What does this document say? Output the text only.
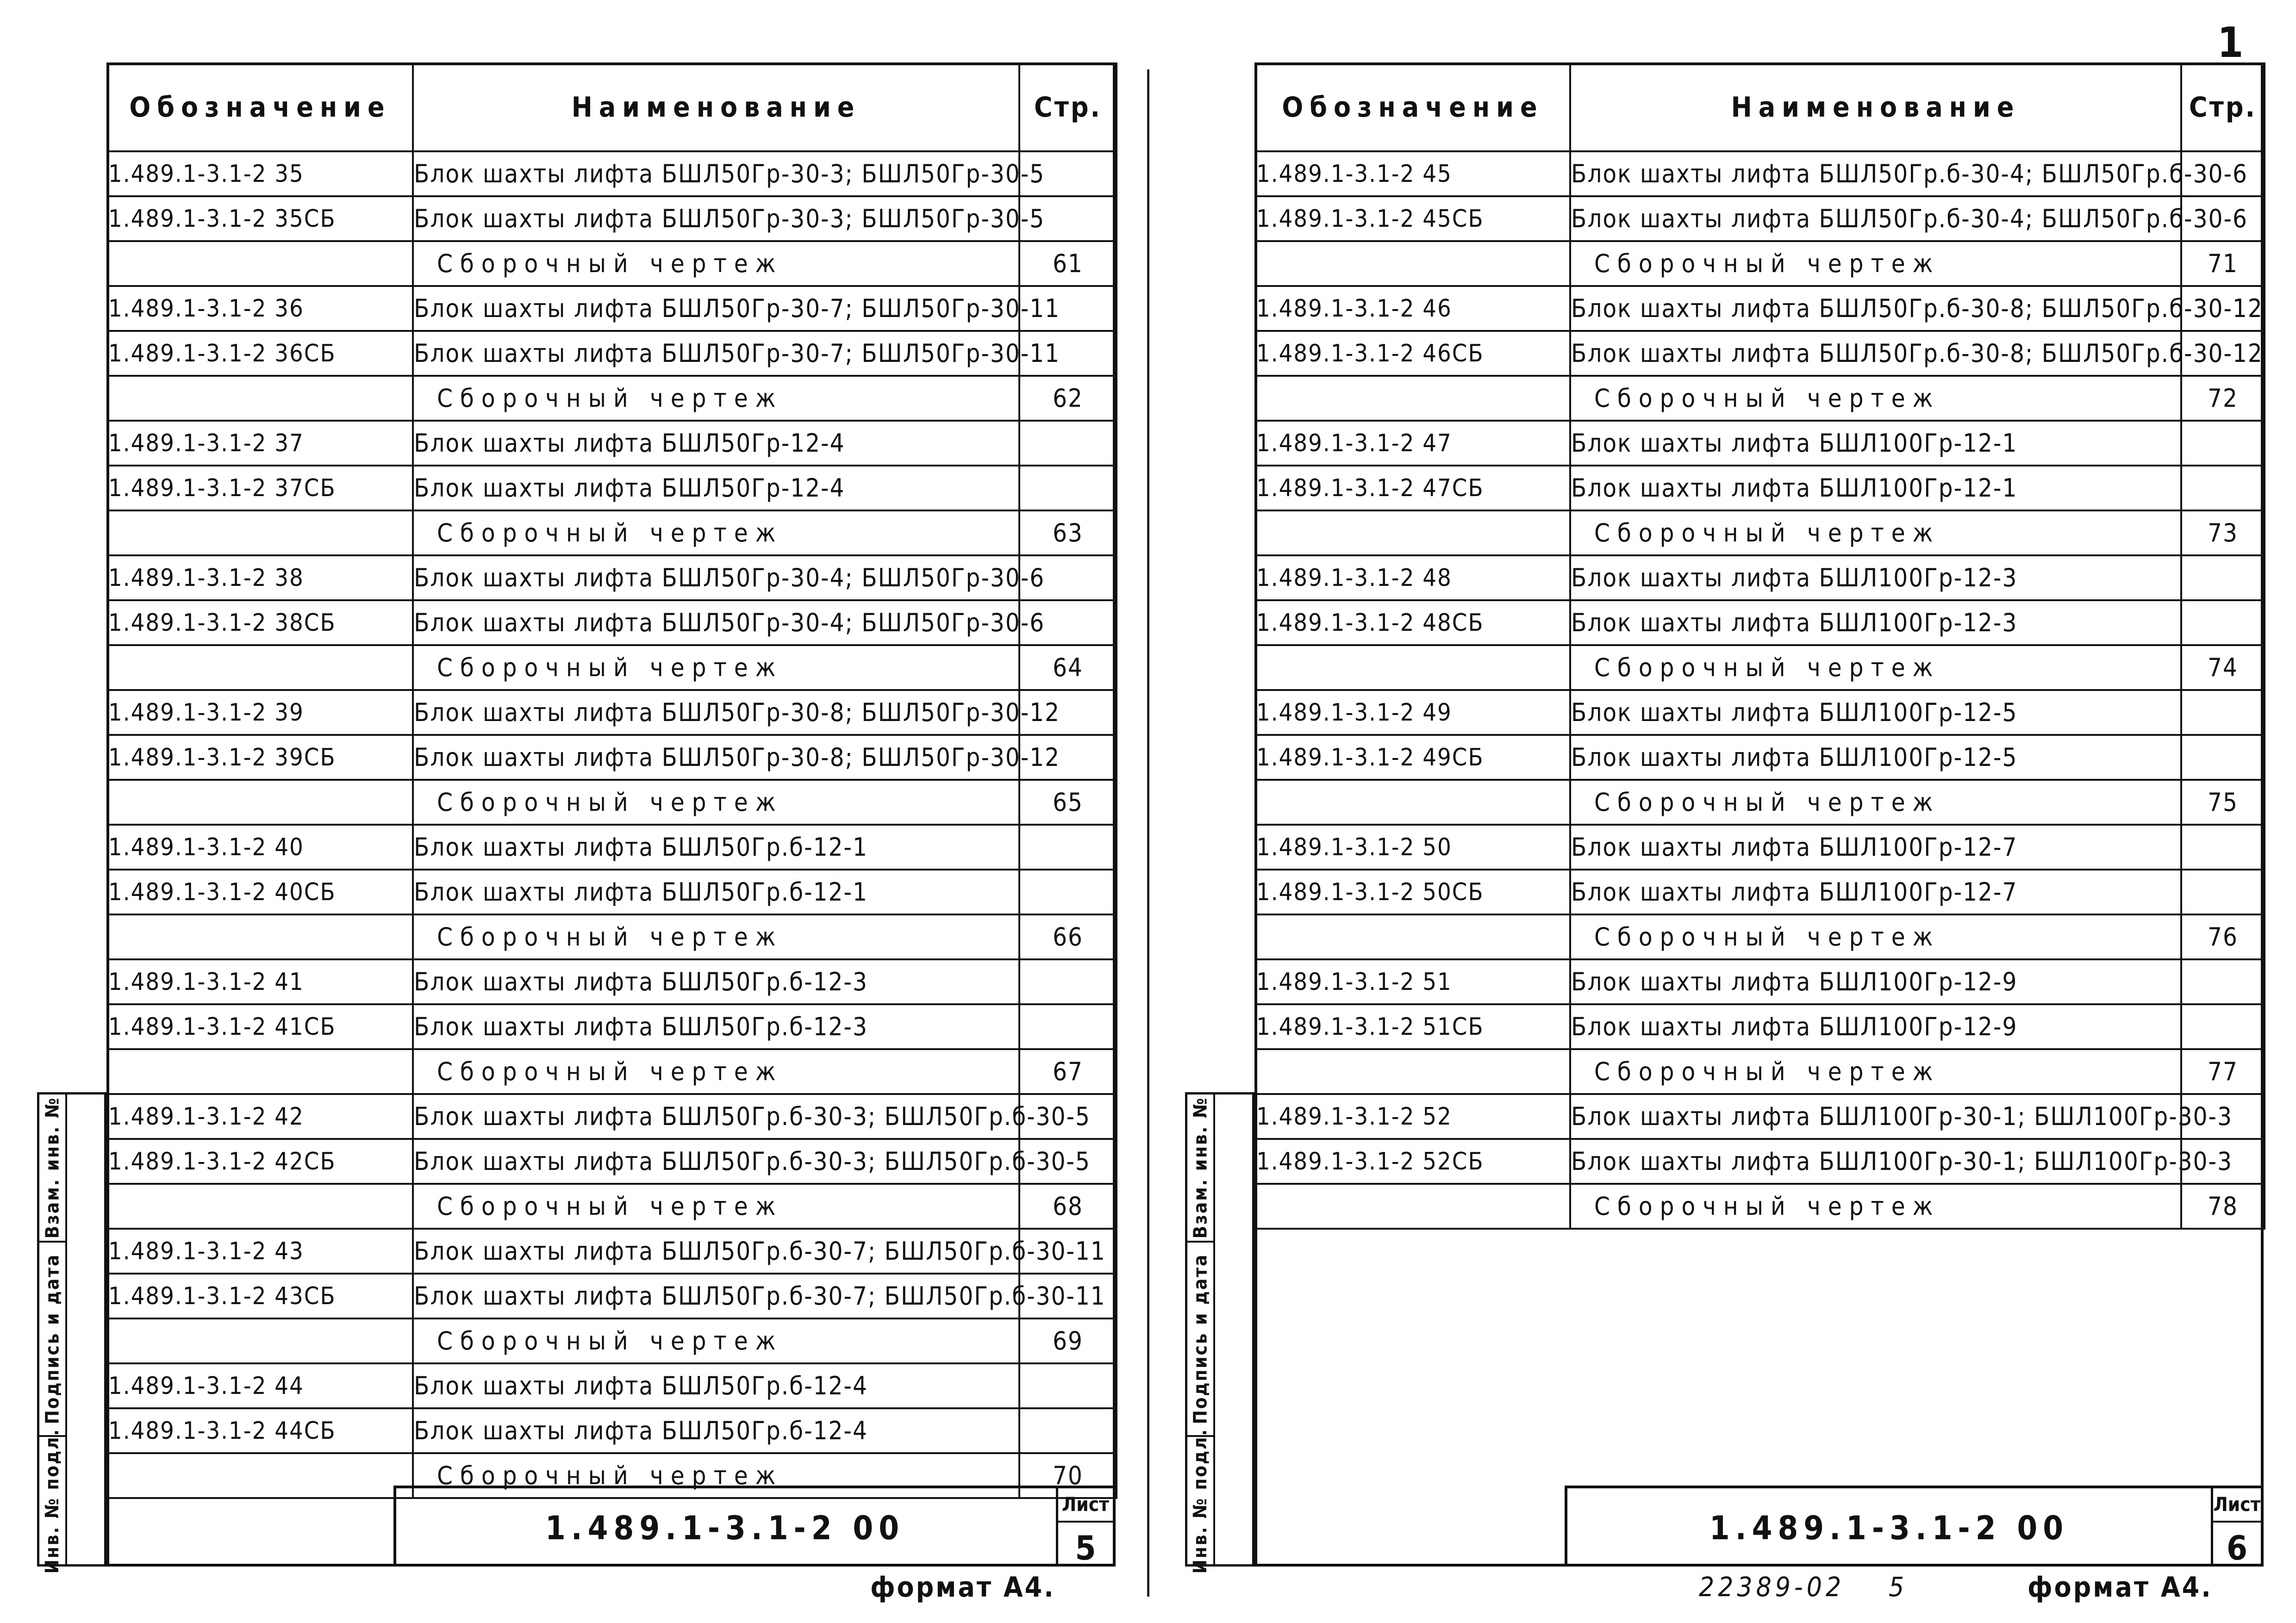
1
Обозначение	Наименование	Стр.
1.489.1-3.1-2 35	Блок шахты лифта БШЛ50Гр-30-3; БШЛ50Гр-30-5	
1.489.1-3.1-2 35СБ	Блок шахты лифта БШЛ50Гр-30-3; БШЛ50Гр-30-5	
	Сборочный чертеж	61
1.489.1-3.1-2 36	Блок шахты лифта БШЛ50Гр-30-7; БШЛ50Гр-30-11	
1.489.1-3.1-2 36СБ	Блок шахты лифта БШЛ50Гр-30-7; БШЛ50Гр-30-11	
	Сборочный чертеж	62
1.489.1-3.1-2 37	Блок шахты лифта БШЛ50Гр-12-4	
1.489.1-3.1-2 37СБ	Блок шахты лифта БШЛ50Гр-12-4	
	Сборочный чертеж	63
1.489.1-3.1-2 38	Блок шахты лифта БШЛ50Гр-30-4; БШЛ50Гр-30-6	
1.489.1-3.1-2 38СБ	Блок шахты лифта БШЛ50Гр-30-4; БШЛ50Гр-30-6	
	Сборочный чертеж	64
1.489.1-3.1-2 39	Блок шахты лифта БШЛ50Гр-30-8; БШЛ50Гр-30-12	
1.489.1-3.1-2 39СБ	Блок шахты лифта БШЛ50Гр-30-8; БШЛ50Гр-30-12	
	Сборочный чертеж	65
1.489.1-3.1-2 40	Блок шахты лифта БШЛ50Гр.б-12-1	
1.489.1-3.1-2 40СБ	Блок шахты лифта БШЛ50Гр.б-12-1	
	Сборочный чертеж	66
1.489.1-3.1-2 41	Блок шахты лифта БШЛ50Гр.б-12-3	
1.489.1-3.1-2 41СБ	Блок шахты лифта БШЛ50Гр.б-12-3	
	Сборочный чертеж	67
1.489.1-3.1-2 42	Блок шахты лифта БШЛ50Гр.б-30-3; БШЛ50Гр.б-30-5	
1.489.1-3.1-2 42СБ	Блок шахты лифта БШЛ50Гр.б-30-3; БШЛ50Гр.б-30-5	
	Сборочный чертеж	68
1.489.1-3.1-2 43	Блок шахты лифта БШЛ50Гр.б-30-7; БШЛ50Гр.б-30-11	
1.489.1-3.1-2 43СБ	Блок шахты лифта БШЛ50Гр.б-30-7; БШЛ50Гр.б-30-11	
	Сборочный чертеж	69
1.489.1-3.1-2 44	Блок шахты лифта БШЛ50Гр.б-12-4	
1.489.1-3.1-2 44СБ	Блок шахты лифта БШЛ50Гр.б-12-4	
	Сборочный чертеж	70
Взам. инв. №
Подпись и дата
Инв. № подл.	1.489.1-3.1-2 00
Лист
5
формат А4.
Обозначение	Наименование	Стр.
1.489.1-3.1-2 45	Блок шахты лифта БШЛ50Гр.б-30-4; БШЛ50Гр.б-30-6	
1.489.1-3.1-2 45СБ	Блок шахты лифта БШЛ50Гр.б-30-4; БШЛ50Гр.б-30-6	
	Сборочный чертеж	71
1.489.1-3.1-2 46	Блок шахты лифта БШЛ50Гр.б-30-8; БШЛ50Гр.б-30-12	
1.489.1-3.1-2 46СБ	Блок шахты лифта БШЛ50Гр.б-30-8; БШЛ50Гр.б-30-12	
	Сборочный чертеж	72
1.489.1-3.1-2 47	Блок шахты лифта БШЛ100Гр-12-1	
1.489.1-3.1-2 47СБ	Блок шахты лифта БШЛ100Гр-12-1	
	Сборочный чертеж	73
1.489.1-3.1-2 48	Блок шахты лифта БШЛ100Гр-12-3	
1.489.1-3.1-2 48СБ	Блок шахты лифта БШЛ100Гр-12-3	
	Сборочный чертеж	74
1.489.1-3.1-2 49	Блок шахты лифта БШЛ100Гр-12-5	
1.489.1-3.1-2 49СБ	Блок шахты лифта БШЛ100Гр-12-5	
	Сборочный чертеж	75
1.489.1-3.1-2 50	Блок шахты лифта БШЛ100Гр-12-7	
1.489.1-3.1-2 50СБ	Блок шахты лифта БШЛ100Гр-12-7	
	Сборочный чертеж	76
1.489.1-3.1-2 51	Блок шахты лифта БШЛ100Гр-12-9	
1.489.1-3.1-2 51СБ	Блок шахты лифта БШЛ100Гр-12-9	
	Сборочный чертеж	77
1.489.1-3.1-2 52	Блок шахты лифта БШЛ100Гр-30-1; БШЛ100Гр-30-3	
1.489.1-3.1-2 52СБ	Блок шахты лифта БШЛ100Гр-30-1; БШЛ100Гр-30-3	
	Сборочный чертеж	78
Взам. инв. №
Подпись и дата
Инв. № подл.	1.489.1-3.1-2 00
Лист
6
22389-02 5	формат А4.
